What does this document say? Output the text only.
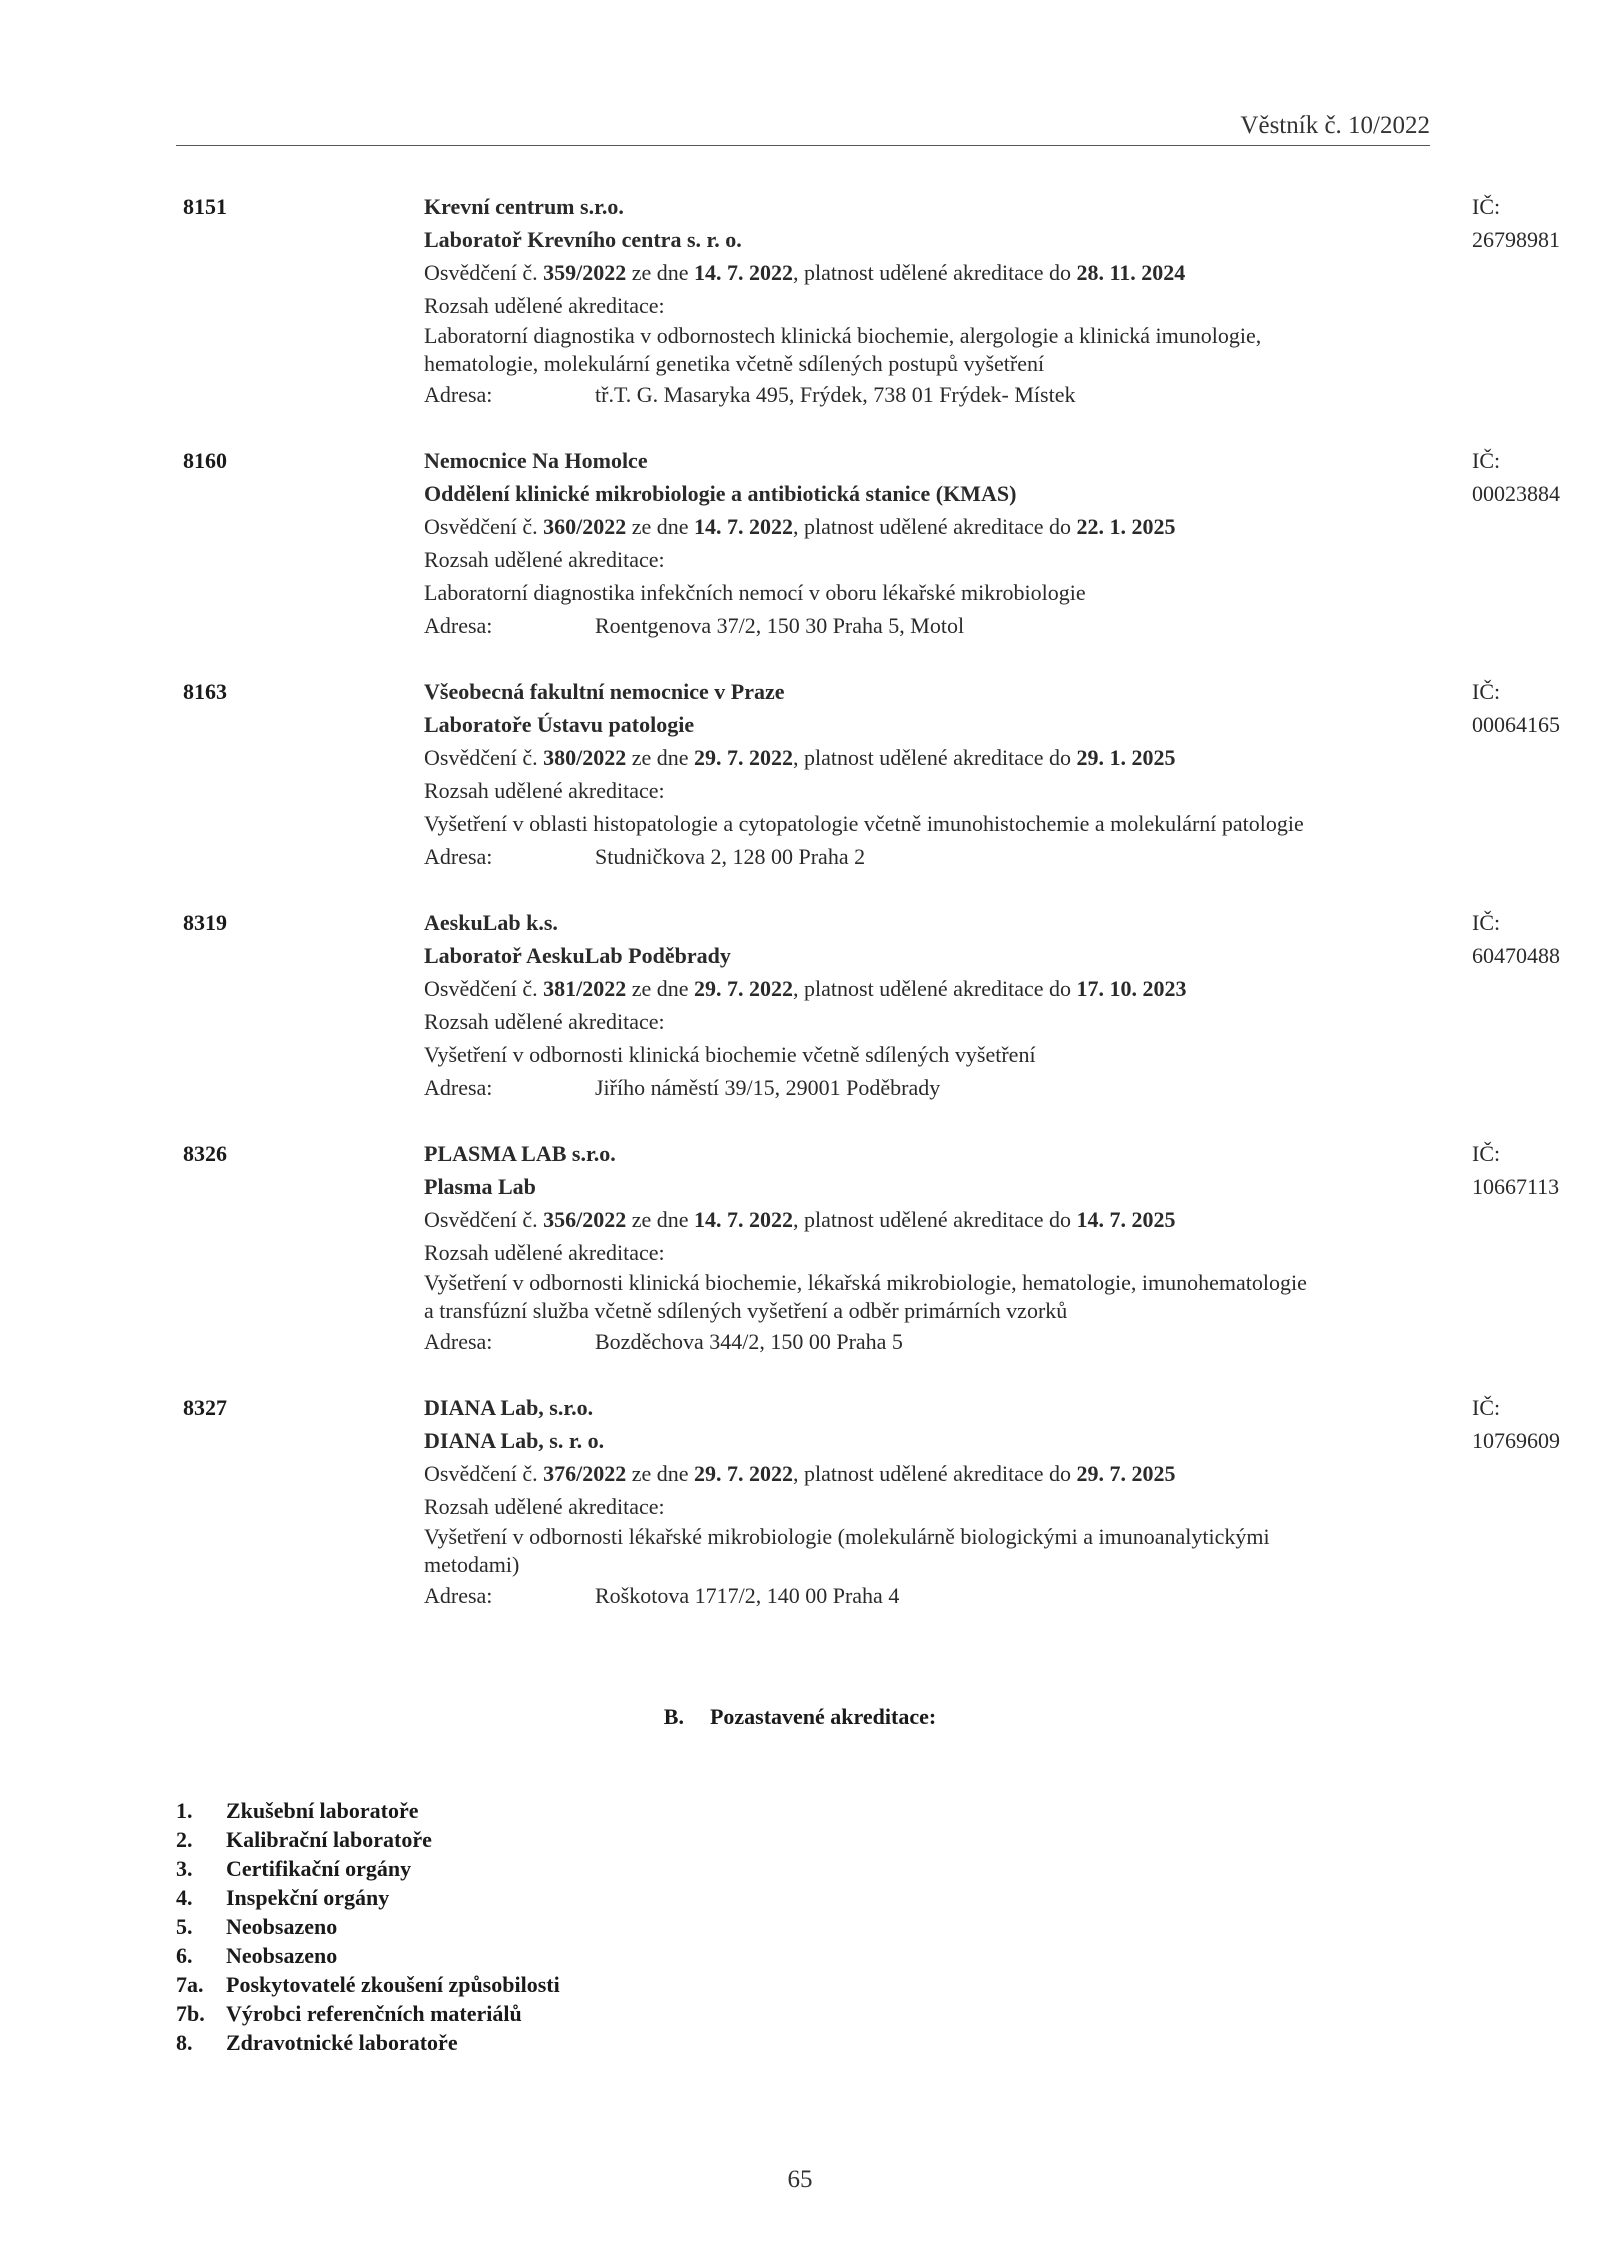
Věstník č. 10/2022
8151	Krevní centrum s.r.o.	IČ: 26798981
Laboratoř Krevního centra s. r. o.
Osvědčení č. 359/2022 ze dne 14. 7. 2022, platnost udělené akreditace do 28. 11. 2024
Rozsah udělené akreditace:
Laboratorní diagnostika v odbornostech klinická biochemie, alergologie a klinická imunologie,
hematologie, molekulární genetika včetně sdílených postupů vyšetření
Adresa:	tř.T. G. Masaryka 495, Frýdek, 738 01 Frýdek- Místek
8160	Nemocnice Na Homolce	IČ: 00023884
Oddělení klinické mikrobiologie a antibiotická stanice (KMAS)
Osvědčení č. 360/2022 ze dne 14. 7. 2022, platnost udělené akreditace do 22. 1. 2025
Rozsah udělené akreditace:
Laboratorní diagnostika infekčních nemocí v oboru lékařské mikrobiologie
Adresa:	Roentgenova 37/2, 150 30 Praha 5, Motol
8163	Všeobecná fakultní nemocnice v Praze	IČ: 00064165
Laboratoře Ústavu patologie
Osvědčení č. 380/2022 ze dne 29. 7. 2022, platnost udělené akreditace do 29. 1. 2025
Rozsah udělené akreditace:
Vyšetření v oblasti histopatologie a cytopatologie včetně imunohistochemie a molekulární patologie
Adresa:	Studničkova 2, 128 00 Praha 2
8319	AeskuLab k.s.	IČ: 60470488
Laboratoř AeskuLab Poděbrady
Osvědčení č. 381/2022 ze dne 29. 7. 2022, platnost udělené akreditace do 17. 10. 2023
Rozsah udělené akreditace:
Vyšetření v odbornosti klinická biochemie včetně sdílených vyšetření
Adresa:	Jiřího náměstí 39/15, 29001 Poděbrady
8326	PLASMA LAB s.r.o.	IČ: 10667113
Plasma Lab
Osvědčení č. 356/2022 ze dne 14. 7. 2022, platnost udělené akreditace do 14. 7. 2025
Rozsah udělené akreditace:
Vyšetření v odbornosti klinická biochemie, lékařská mikrobiologie, hematologie, imunohematologie
a transfúzní služba včetně sdílených vyšetření a odběr primárních vzorků
Adresa:	Bozděchova 344/2, 150 00 Praha 5
8327	DIANA Lab, s.r.o.	IČ: 10769609
DIANA Lab, s. r. o.
Osvědčení č. 376/2022 ze dne 29. 7. 2022, platnost udělené akreditace do 29. 7. 2025
Rozsah udělené akreditace:
Vyšetření v odbornosti lékařské mikrobiologie (molekulárně biologickými a imunoanalytickými
metodami)
Adresa:	Roškotova 1717/2, 140 00 Praha 4
B. Pozastavené akreditace:
1. Zkušební laboratoře
2. Kalibrační laboratoře
3. Certifikační orgány
4. Inspekční orgány
5. Neobsazeno
6. Neobsazeno
7a. Poskytovatelé zkoušení způsobilosti
7b. Výrobci referenčních materiálů
8. Zdravotnické laboratoře
65
